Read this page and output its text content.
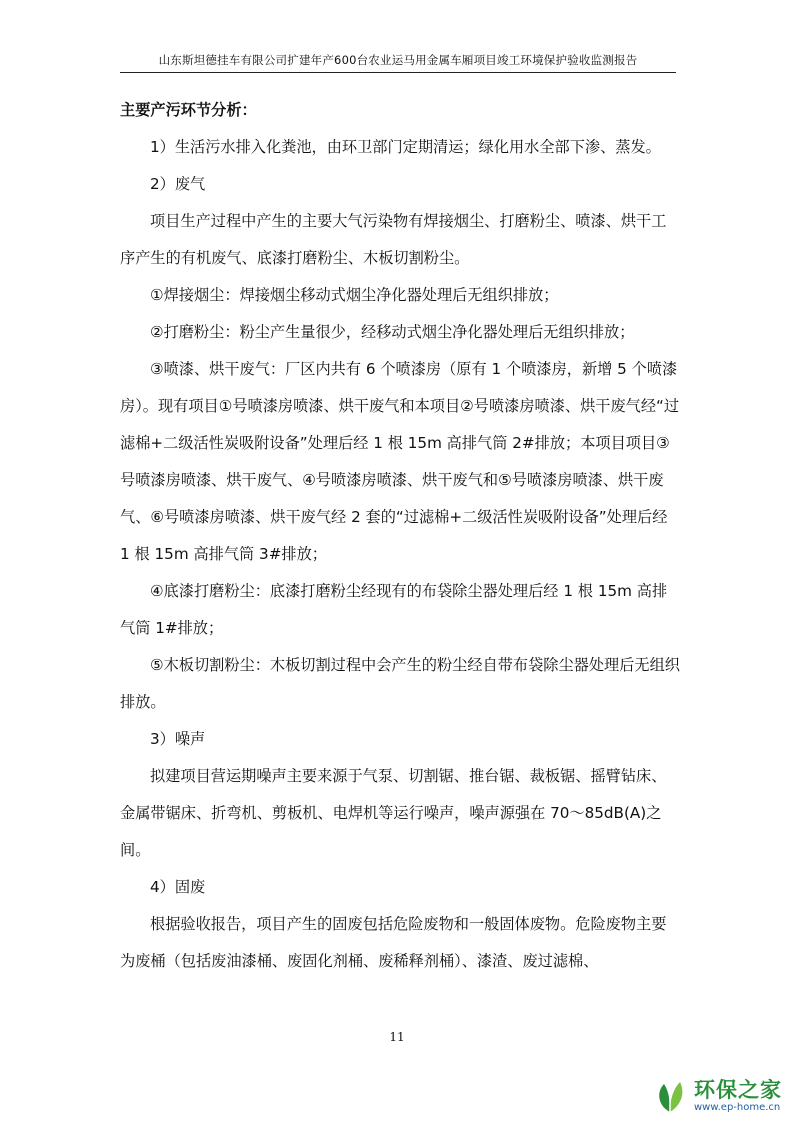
山东斯坦德挂车有限公司扩建年产600台农业运马用金属车厢项目竣工环境保护验收监测报告

主要产污环节分析：

1）生活污水排入化粪池，由环卫部门定期清运；绿化用水全部下渗、蒸发。

2）废气

项目生产过程中产生的主要大气污染物有焊接烟尘、打磨粉尘、喷漆、烘干工序产生的有机废气、底漆打磨粉尘、木板切割粉尘。

①焊接烟尘：焊接烟尘移动式烟尘净化器处理后无组织排放；

②打磨粉尘：粉尘产生量很少，经移动式烟尘净化器处理后无组织排放；

③喷漆、烘干废气：厂区内共有 6 个喷漆房（原有 1 个喷漆房，新增 5 个喷漆房）。现有项目①号喷漆房喷漆、烘干废气和本项目②号喷漆房喷漆、烘干废气经“过滤棉+二级活性炭吸附设备”处理后经 1 根 15m 高排气筒 2#排放；本项目项目③号喷漆房喷漆、烘干废气、④号喷漆房喷漆、烘干废气和⑤号喷漆房喷漆、烘干废气、⑥号喷漆房喷漆、烘干废气经 2 套的“过滤棉+二级活性炭吸附设备”处理后经 1 根 15m 高排气筒 3#排放；

④底漆打磨粉尘：底漆打磨粉尘经现有的布袋除尘器处理后经 1 根 15m 高排气筒 1#排放；

⑤木板切割粉尘：木板切割过程中会产生的粉尘经自带布袋除尘器处理后无组织排放。

3）噪声

拟建项目营运期噪声主要来源于气泵、切割锯、推台锯、裁板锯、摇臂钻床、金属带锯床、折弯机、剪板机、电焊机等运行噪声，噪声源强在 70～85dB(A)之间。

4）固废

根据验收报告，项目产生的固废包括危险废物和一般固体废物。危险废物主要为废桶（包括废油漆桶、废固化剂桶、废稀释剂桶）、漆渣、废过滤棉、

11
环保之家
www.ep-home.cn
